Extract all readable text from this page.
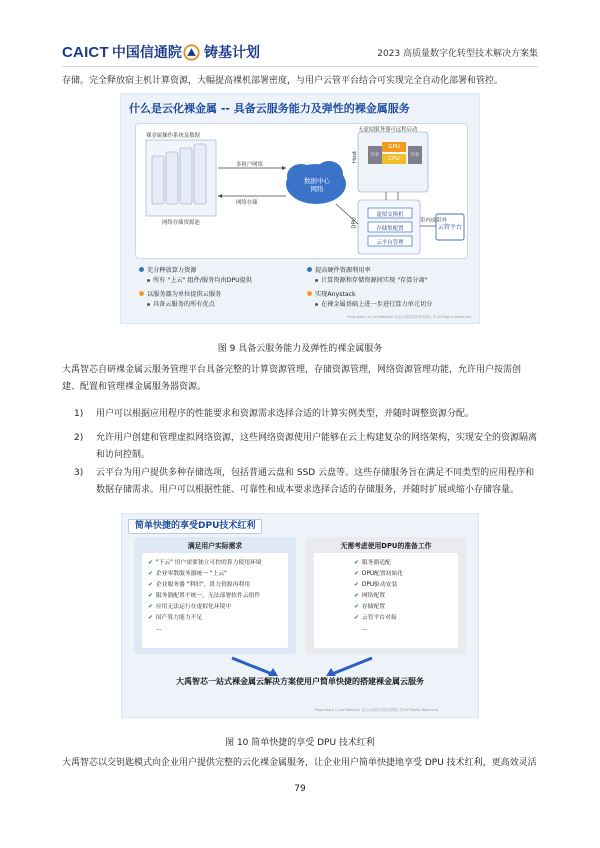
CAICT 中国信通院 铸基计划	2023 高质量数字化转型技术解决方案集
存储。完全释放宿主机计算资源，大幅提高裸机部署密度，与用户云管平台结合可实现完全自动化部署和管控。
什么是云化裸金属 -- 具备云服务能力及弹性的裸金属服务
裸金属操作系统及数据
网络存储资源池
多租户网络
网络存储
数据中心网络
无虚拟服务器可远程启动
Host
DPU
GPU
CPU
内存	内存
虚拟交换机
存储集配置
云平台管理
带内成带外
云管平台
充分释放算力资源
所有 "上云" 组件/服务均由DPU提供
以服务器为单位提供云服务
具备云服务的所有优点
提高硬件资源利用率
计算资源和存储资源间实现 "存算分离"
实现Anystack
在裸金属基础上进一步进行算力单元切分
Proprietary & Confidential 北京大禹智芯科技有限公司 All Rights Reserved
图 9 具备云服务能力及弹性的裸金属服务
大禹智芯自研裸金属云服务管理平台具备完整的计算资源管理，存储资源管理，网络资源管理功能，允许用户按需创建、配置和管理裸金属服务器资源。
1) 用户可以根据应用程序的性能要求和资源需求选择合适的计算实例类型，并随时调整资源分配。
2) 允许用户创建和管理虚拟网络资源，这些网络资源使用户能够在云上构建复杂的网络架构，实现安全的资源隔离和访问控制。
3) 云平台为用户提供多种存储选项，包括普通云盘和 SSD 云盘等。这些存储服务旨在满足不同类型的应用程序和数据存储需求。用户可以根据性能、可靠性和成本要求选择合适的存储服务，并随时扩展或缩小存储容量。
简单快捷的享受DPU技术红利
满足用户实际需求
✔ "下云" 用户需要独立可控的算力使用环境
✔ 企业零散服务器统一 "上云"
✔ 企业服务器 "利旧"，算力资源再利用
✔ 服务器配置不统一，无法部署软件云组件
✔ 应用无法运行在虚拟化环境中
✔ 国产算力能力不足
...
无需考虑使用DPU的准备工作
✔ 服务器适配
✔ DPU配置初始化
✔ DPU驱动安装
✔ 网络配置
✔ 存储配置
✔ 云管平台对接
...
大禹智芯一站式裸金属云解决方案使用户简单快捷的搭建裸金属云服务
Proprietary & Confidential 北京大禹智芯科技有限公司 All Rights Reserved
图 10 简单快捷的享受 DPU 技术红利
大禹智芯以交钥匙模式向企业用户提供完整的云化裸金属服务，让企业用户简单快捷地享受 DPU 技术红利，更高效灵活
79
